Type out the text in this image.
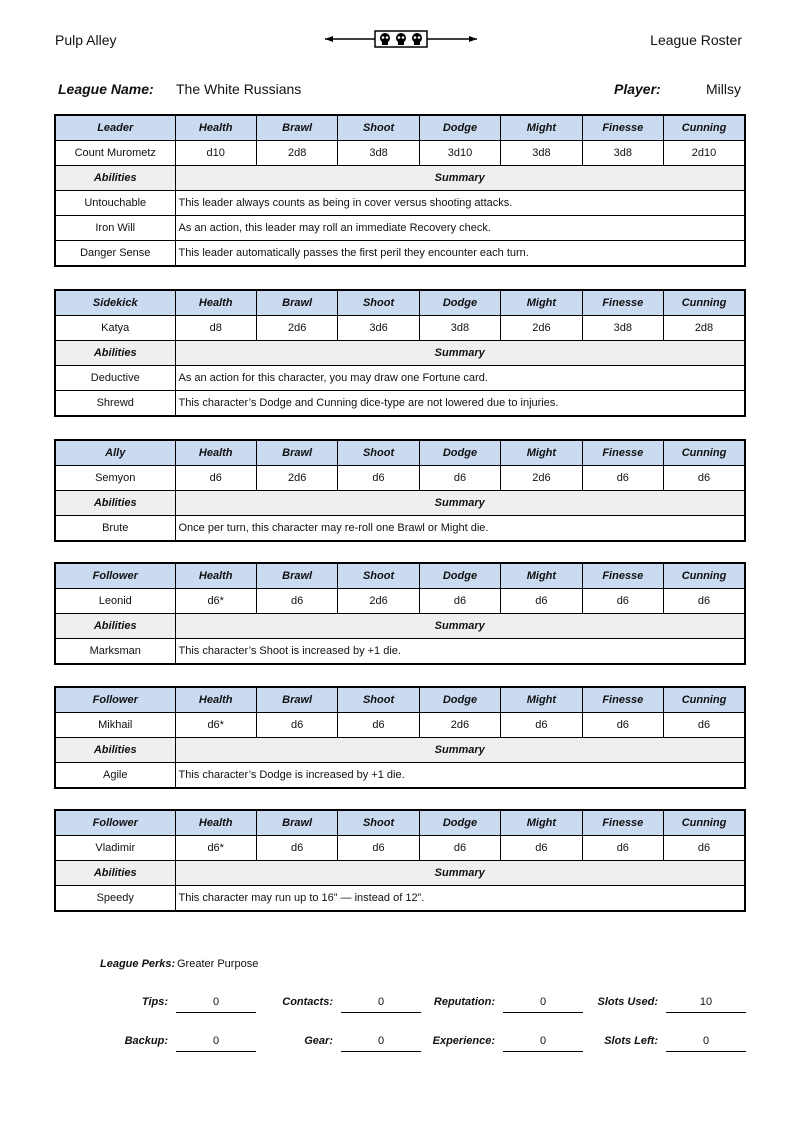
Pulp Alley	League Roster
League Name: The White Russians	Player:	Millsy
Leader	Health	Brawl	Shoot	Dodge	Might	Finesse	Cunning
Count Murometz	d10	2d8	3d8	3d10	3d8	3d8	2d10
Abilities	Summary						
Untouchable	This leader always counts as being in cover versus shooting attacks.						
Iron Will	As an action, this leader may roll an immediate Recovery check.						
Danger Sense	This leader automatically passes the first peril they encounter each turn.						
Sidekick	Health	Brawl	Shoot	Dodge	Might	Finesse	Cunning
Katya	d8	2d6	3d6	3d8	2d6	3d8	2d8
Abilities	Summary						
Deductive	As an action for this character, you may draw one Fortune card.						
Shrewd	This character’s Dodge and Cunning dice-type are not lowered due to injuries.						
Ally	Health	Brawl	Shoot	Dodge	Might	Finesse	Cunning
Semyon	d6	2d6	d6	d6	2d6	d6	d6
Abilities	Summary						
Brute	Once per turn, this character may re-roll one Brawl or Might die.						
Follower	Health	Brawl	Shoot	Dodge	Might	Finesse	Cunning
Leonid	d6*	d6	2d6	d6	d6	d6	d6
Abilities	Summary						
Marksman	This character’s Shoot is increased by +1 die.						
Follower	Health	Brawl	Shoot	Dodge	Might	Finesse	Cunning
Mikhail	d6*	d6	d6	2d6	d6	d6	d6
Abilities	Summary						
Agile	This character’s Dodge is increased by +1 die.						
Follower	Health	Brawl	Shoot	Dodge	Might	Finesse	Cunning
Vladimir	d6*	d6	d6	d6	d6	d6	d6
Abilities	Summary						
Speedy	This character may run up to 16” — instead of 12”.						
League Perks: Greater Purpose
Tips:	0	Contacts:	0	Reputation:	0	Slots Used:	10
Backup:	0	Gear:	0	Experience:	0	Slots Left:	0
